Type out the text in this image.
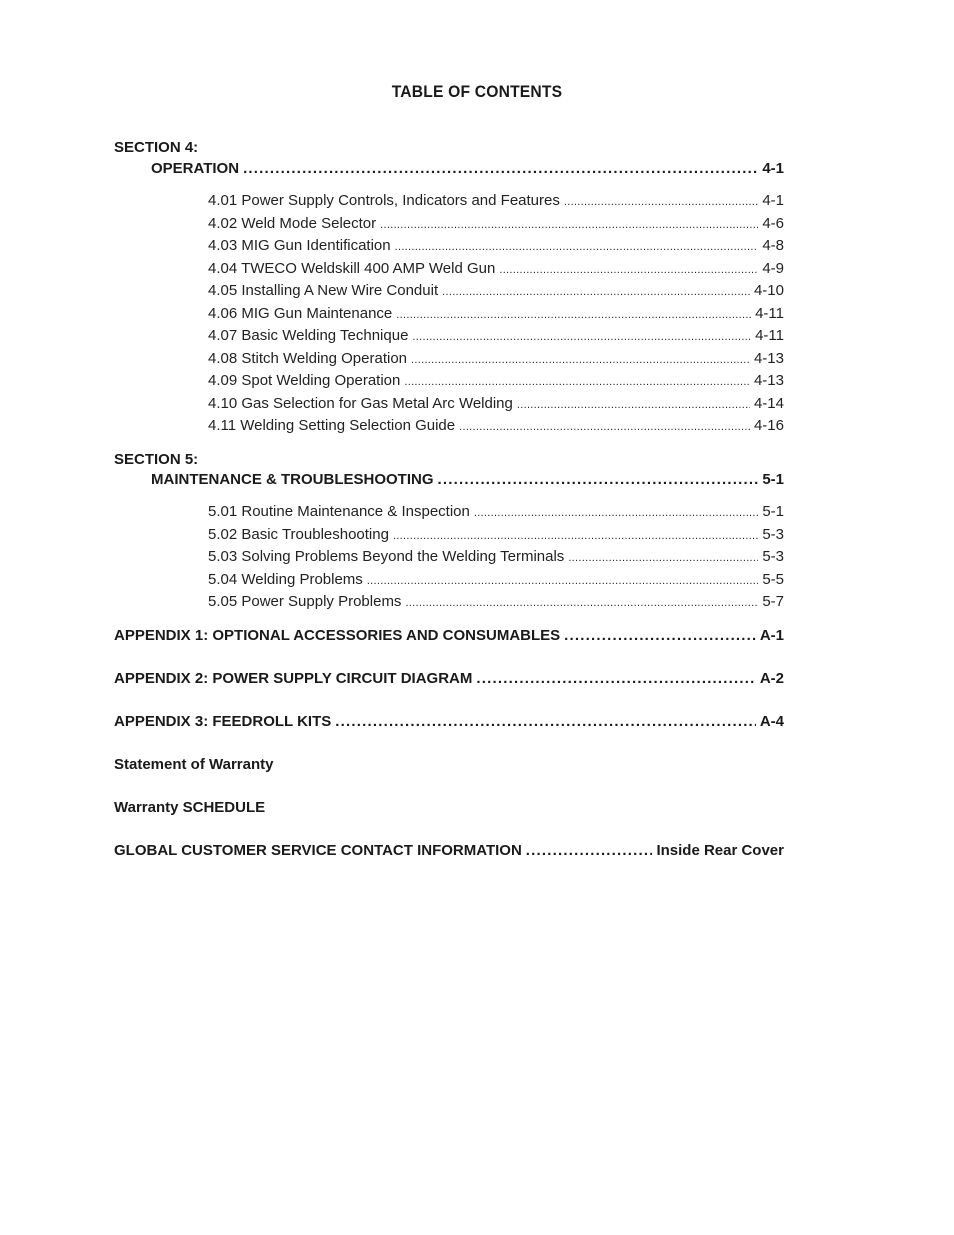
TABLE OF CONTENTS
SECTION 4:
OPERATION .....	4-1
4.01 Power Supply Controls, Indicators and Features .....	4-1
4.02 Weld Mode Selector .....	4-6
4.03 MIG Gun Identification .....	4-8
4.04 TWECO Weldskill 400 AMP Weld Gun .....	4-9
4.05 Installing A New Wire Conduit .....	4-10
4.06 MIG Gun Maintenance .....	4-11
4.07 Basic Welding Technique .....	4-11
4.08 Stitch Welding Operation .....	4-13
4.09 Spot Welding Operation .....	4-13
4.10 Gas Selection for Gas Metal Arc Welding .....	4-14
4.11 Welding Setting Selection Guide .....	4-16
SECTION 5:
MAINTENANCE & TROUBLESHOOTING .....	5-1
5.01 Routine Maintenance & Inspection .....	5-1
5.02 Basic Troubleshooting .....	5-3
5.03 Solving Problems Beyond the Welding Terminals .....	5-3
5.04 Welding Problems .....	5-5
5.05 Power Supply Problems .....	5-7
APPENDIX 1: OPTIONAL ACCESSORIES AND CONSUMABLES .....	A-1
APPENDIX 2: POWER SUPPLY CIRCUIT DIAGRAM .....	A-2
APPENDIX 3: FEEDROLL KITS .....	A-4
Statement of Warranty
Warranty SCHEDULE
GLOBAL CUSTOMER SERVICE CONTACT INFORMATION .....	Inside Rear Cover
